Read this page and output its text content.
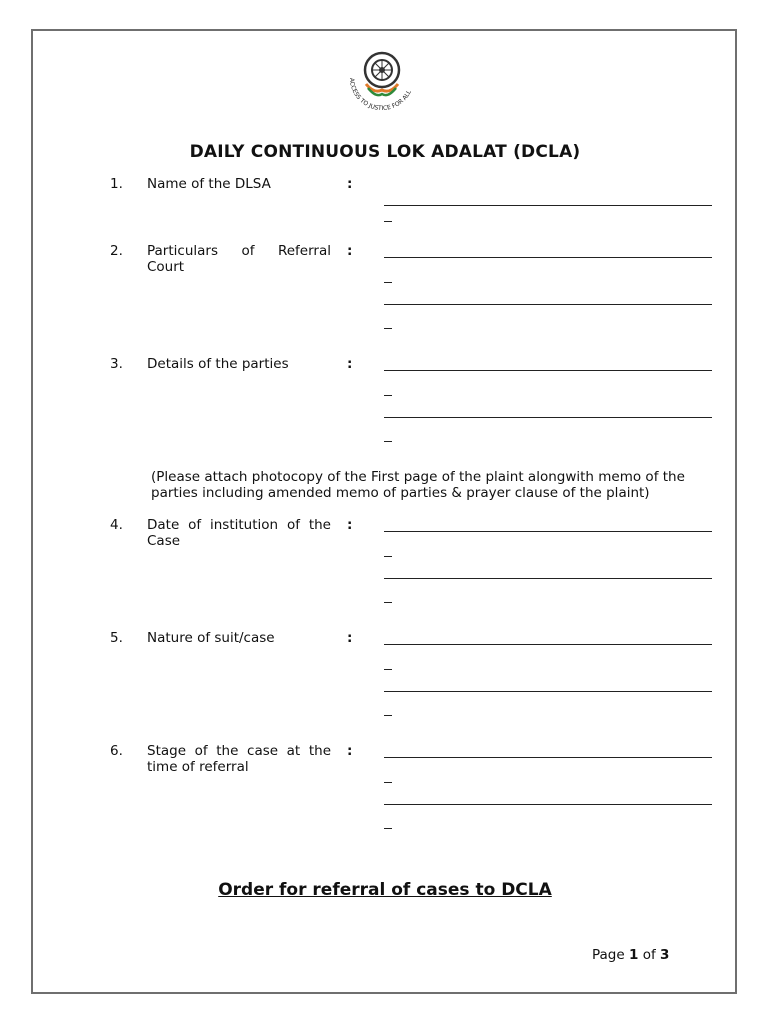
ACCESS TO JUSTICE FOR ALL
DAILY CONTINUOUS LOK ADALAT (DCLA)
1. Name of the DLSA	:
2. Particulars of Referral
Court
:
3. Details of the parties	:
(Please attach photocopy of the First page of the plaint alongwith memo of the parties including amended memo of parties & prayer clause of the plaint)
4. Date of institution of the
Case
:
5. Nature of suit/case	:
6. Stage of the case at the
time of referral
:
Order for referral of cases to DCLA
Page 1 of 3
